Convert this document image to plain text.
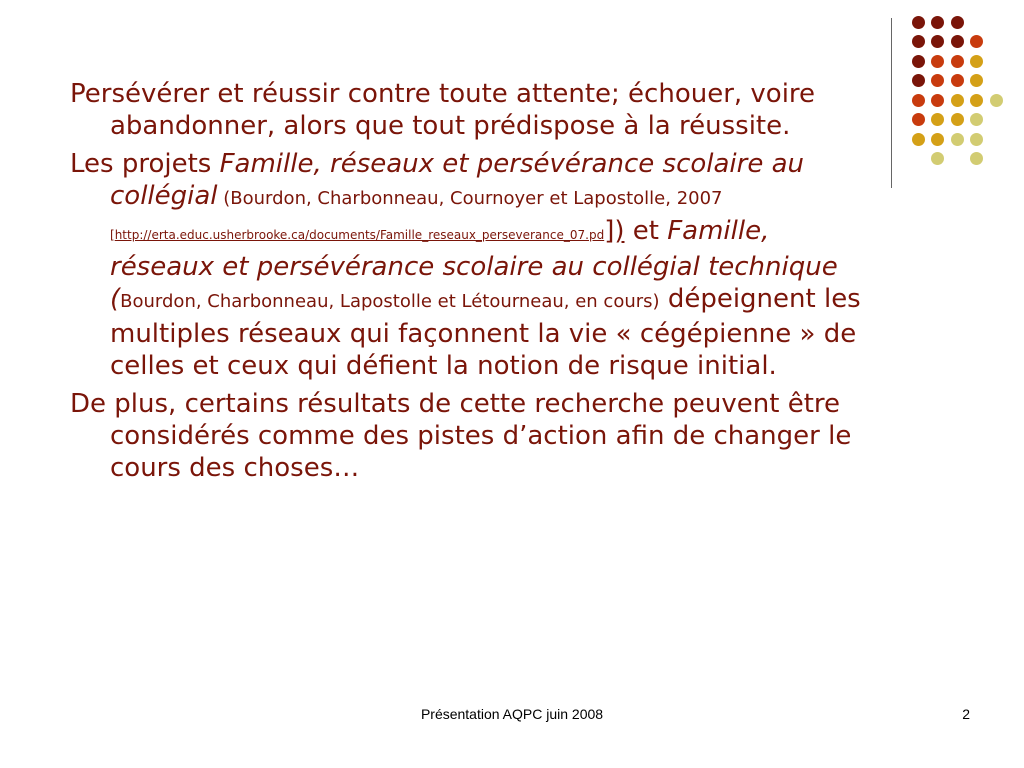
Persévérer et réussir contre toute attente; échouer, voire abandonner, alors que tout prédispose à la réussite.

Les projets Famille, réseaux et persévérance scolaire au collégial (Bourdon, Charbonneau, Cournoyer et Lapostolle, 2007 [http://erta.educ.usherbrooke.ca/documents/Famille_reseaux_perseverance_07.pd]) et Famille, réseaux et persévérance scolaire au collégial technique (Bourdon, Charbonneau, Lapostolle et Létourneau, en cours) dépeignent les multiples réseaux qui façonnent la vie « cégépienne » de celles et ceux qui défient la notion de risque initial.

De plus, certains résultats de cette recherche peuvent être considérés comme des pistes d’action afin de changer le cours des choses…

Présentation AQPC juin 2008	2
